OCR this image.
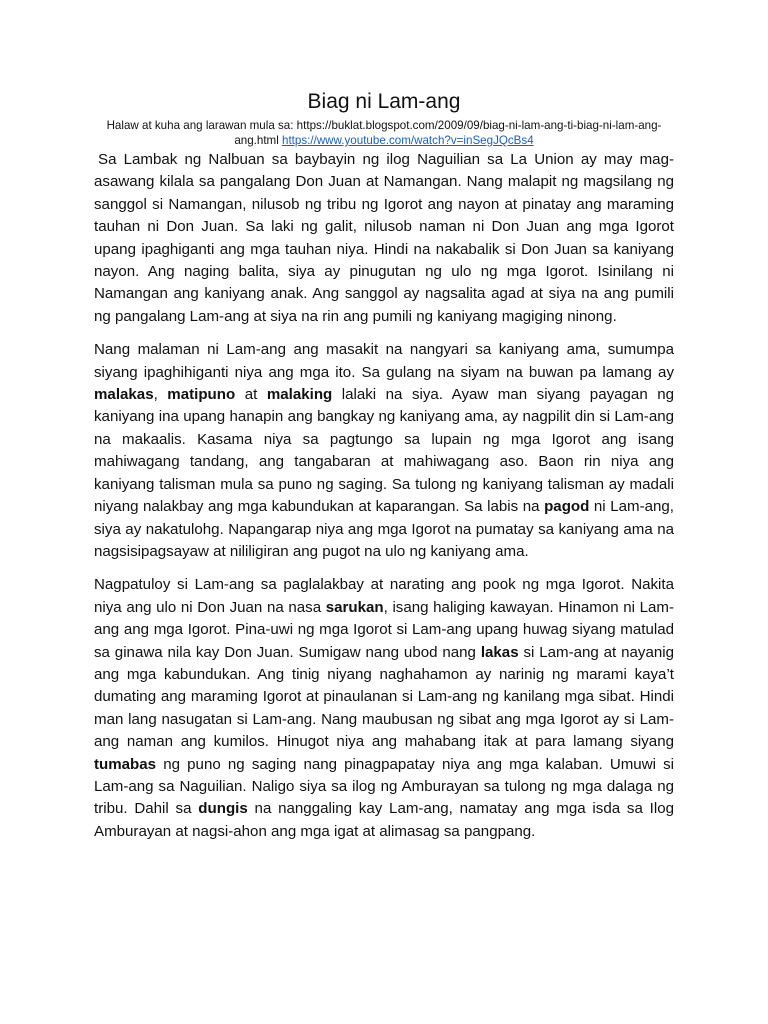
Biag ni Lam-ang

Halaw at kuha ang larawan mula sa: https://buklat.blogspot.com/2009/09/biag-ni-lam-ang-ti-biag-ni-lam-ang-ang.html https://www.youtube.com/watch?v=inSegJQcBs4

Sa Lambak ng Nalbuan sa baybayin ng ilog Naguilian sa La Union ay may mag-asawang kilala sa pangalang Don Juan at Namangan. Nang malapit ng magsilang ng sanggol si Namangan, nilusob ng tribu ng Igorot ang nayon at pinatay ang maraming tauhan ni Don Juan. Sa laki ng galit, nilusob naman ni Don Juan ang mga Igorot upang ipaghiganti ang mga tauhan niya. Hindi na nakabalik si Don Juan sa kaniyang nayon. Ang naging balita, siya ay pinugutan ng ulo ng mga Igorot. Isinilang ni Namangan ang kaniyang anak. Ang sanggol ay nagsalita agad at siya na ang pumili ng pangalang Lam-ang at siya na rin ang pumili ng kaniyang magiging ninong.

Nang malaman ni Lam-ang ang masakit na nangyari sa kaniyang ama, sumumpa siyang ipaghihiganti niya ang mga ito. Sa gulang na siyam na buwan pa lamang ay malakas, matipuno at malaking lalaki na siya. Ayaw man siyang payagan ng kaniyang ina upang hanapin ang bangkay ng kaniyang ama, ay nagpilit din si Lam-ang na makaalis. Kasama niya sa pagtungo sa lupain ng mga Igorot ang isang mahiwagang tandang, ang tangabaran at mahiwagang aso. Baon rin niya ang kaniyang talisman mula sa puno ng saging. Sa tulong ng kaniyang talisman ay madali niyang nalakbay ang mga kabundukan at kaparangan. Sa labis na pagod ni Lam-ang, siya ay nakatulohg. Napangarap niya ang mga Igorot na pumatay sa kaniyang ama na nagsisipagsayaw at nililigiran ang pugot na ulo ng kaniyang ama.

Nagpatuloy si Lam-ang sa paglalakbay at narating ang pook ng mga Igorot. Nakita niya ang ulo ni Don Juan na nasa sarukan, isang haliging kawayan. Hinamon ni Lam-ang ang mga Igorot. Pina-uwi ng mga Igorot si Lam-ang upang huwag siyang matulad sa ginawa nila kay Don Juan. Sumigaw nang ubod nang lakas si Lam-ang at nayanig ang mga kabundukan. Ang tinig niyang naghahamon ay narinig ng marami kaya’t dumating ang maraming Igorot at pinaulanan si Lam-ang ng kanilang mga sibat. Hindi man lang nasugatan si Lam-ang. Nang maubusan ng sibat ang mga Igorot ay si Lam-ang naman ang kumilos. Hinugot niya ang mahabang itak at para lamang siyang tumabas ng puno ng saging nang pinagpapatay niya ang mga kalaban. Umuwi si Lam-ang sa Naguilian. Naligo siya sa ilog ng Amburayan sa tulong ng mga dalaga ng tribu. Dahil sa dungis na nanggaling kay Lam-ang, namatay ang mga isda sa Ilog Amburayan at nagsi-ahon ang mga igat at alimasag sa pangpang.
